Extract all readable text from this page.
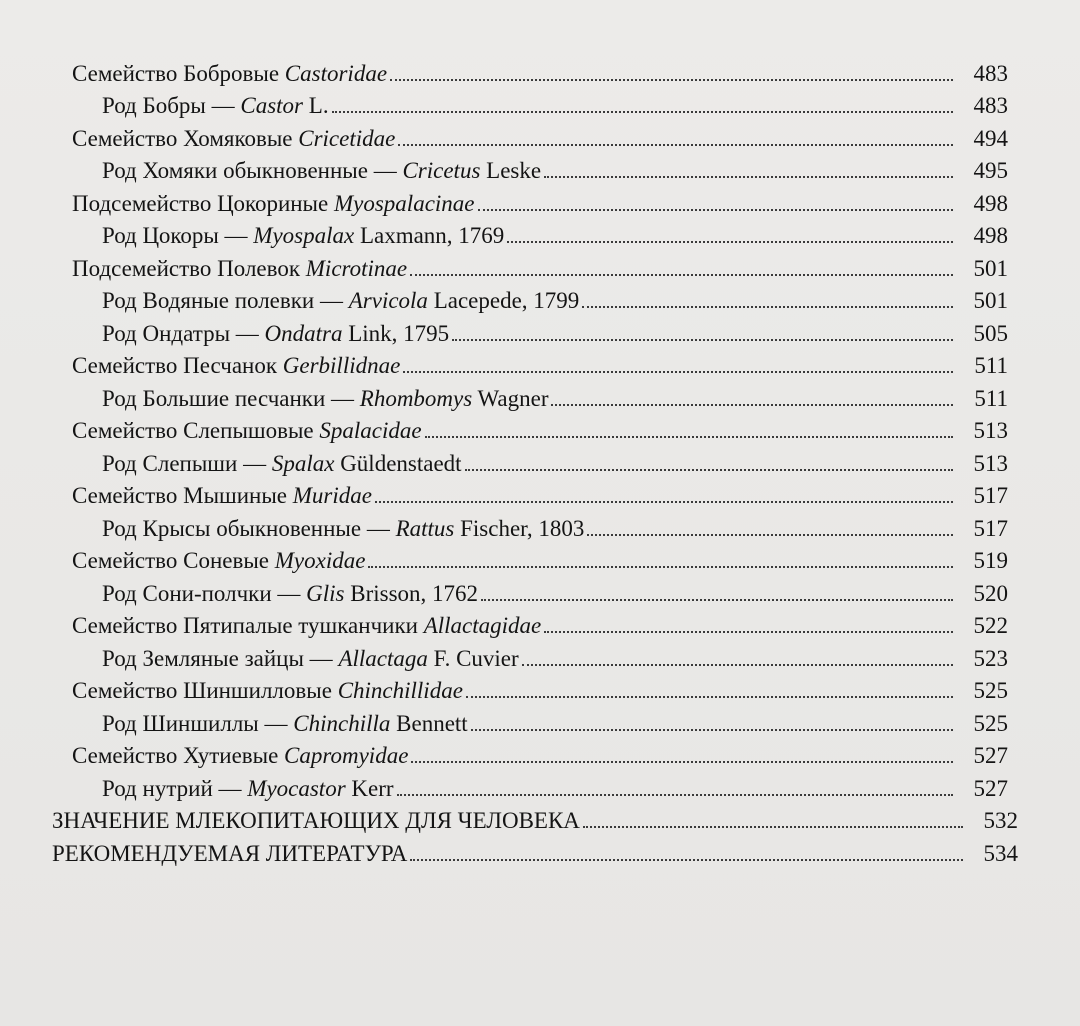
Семейство Бобровые Castoridae	483
Род Бобры — Castor L.	483
Семейство Хомяковые Cricetidae	494
Род Хомяки обыкновенные — Cricetus Leske	495
Подсемейство Цокориные Myospalacinae	498
Род Цокоры — Myospalax Laxmann, 1769	498
Подсемейство Полевок Microtinae	501
Род Водяные полевки — Arvicola Lacepede, 1799	501
Род Ондатры — Ondatra Link, 1795	505
Семейство Песчанок Gerbillidnae	511
Род Большие песчанки — Rhombomys Wagner	511
Семейство Слепышовые Spalacidae	513
Род Слепыши — Spalax Güldenstaedt	513
Семейство Мышиные Muridae	517
Род Крысы обыкновенные — Rattus Fischer, 1803	517
Семейство Соневые Myoxidae	519
Род Сони-полчки — Glis Brisson, 1762	520
Семейство Пятипалые тушканчики Allactagidae	522
Род Земляные зайцы — Allactaga F. Cuvier	523
Семейство Шиншилловые Chinchillidae	525
Род Шиншиллы — Chinchilla Bennett	525
Семейство Хутиевые Capromyidae	527
Род нутрий — Myocastor Kerr	527
ЗНАЧЕНИЕ МЛЕКОПИТАЮЩИХ ДЛЯ ЧЕЛОВЕКА	532
РЕКОМЕНДУЕМАЯ ЛИТЕРАТУРА	534
